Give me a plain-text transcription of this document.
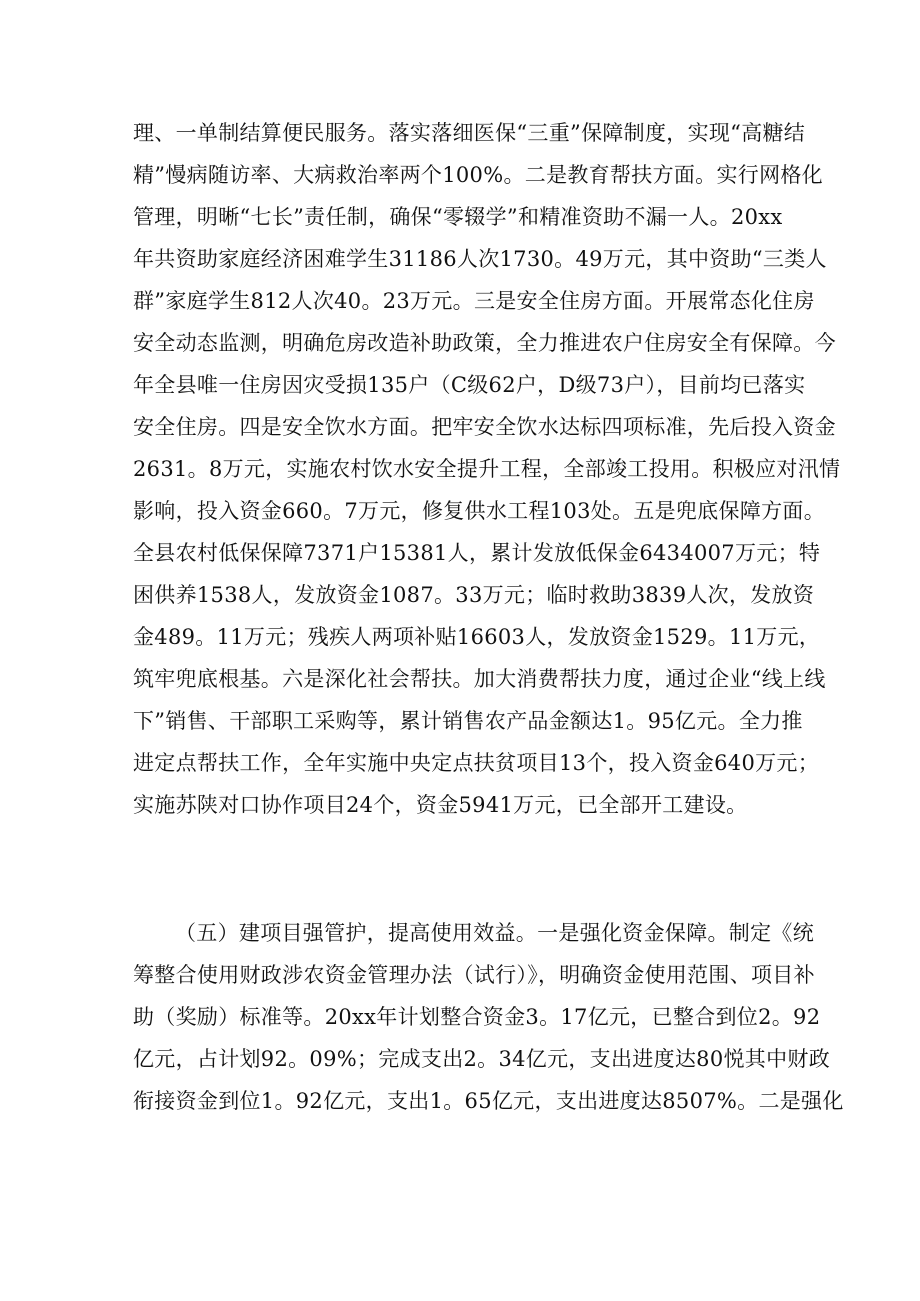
理、一单制结算便民服务。落实落细医保“三重”保障制度，实现“高糖结
精”慢病随访率、大病救治率两个100%。二是教育帮扶方面。实行网格化
管理，明晰“七长”责任制，确保“零辍学”和精准资助不漏一人。20xx
年共资助家庭经济困难学生31186人次1730。49万元，其中资助“三类人
群”家庭学生812人次40。23万元。三是安全住房方面。开展常态化住房
安全动态监测，明确危房改造补助政策，全力推进农户住房安全有保障。今
年全县唯一住房因灾受损135户（C级62户，D级73户），目前均已落实
安全住房。四是安全饮水方面。把牢安全饮水达标四项标准，先后投入资金
2631。8万元，实施农村饮水安全提升工程，全部竣工投用。积极应对汛情
影响，投入资金660。7万元，修复供水工程103处。五是兜底保障方面。
全县农村低保保障7371户15381人，累计发放低保金6434007万元；特
困供养1538人，发放资金1087。33万元；临时救助3839人次，发放资
金489。11万元；残疾人两项补贴16603人，发放资金1529。11万元，
筑牢兜底根基。六是深化社会帮扶。加大消费帮扶力度，通过企业“线上线
下”销售、干部职工采购等，累计销售农产品金额达1。95亿元。全力推
进定点帮扶工作，全年实施中央定点扶贫项目13个，投入资金640万元；
实施苏陕对口协作项目24个，资金5941万元，已全部开工建设。
（五）建项目强管护，提高使用效益。一是强化资金保障。制定《统
筹整合使用财政涉农资金管理办法（试行）》，明确资金使用范围、项目补
助（奖励）标准等。20xx年计划整合资金3。17亿元，已整合到位2。92
亿元，占计划92。09%；完成支出2。34亿元，支出进度达80悦其中财政
衔接资金到位1。92亿元，支出1。65亿元，支出进度达8507%。二是强化
